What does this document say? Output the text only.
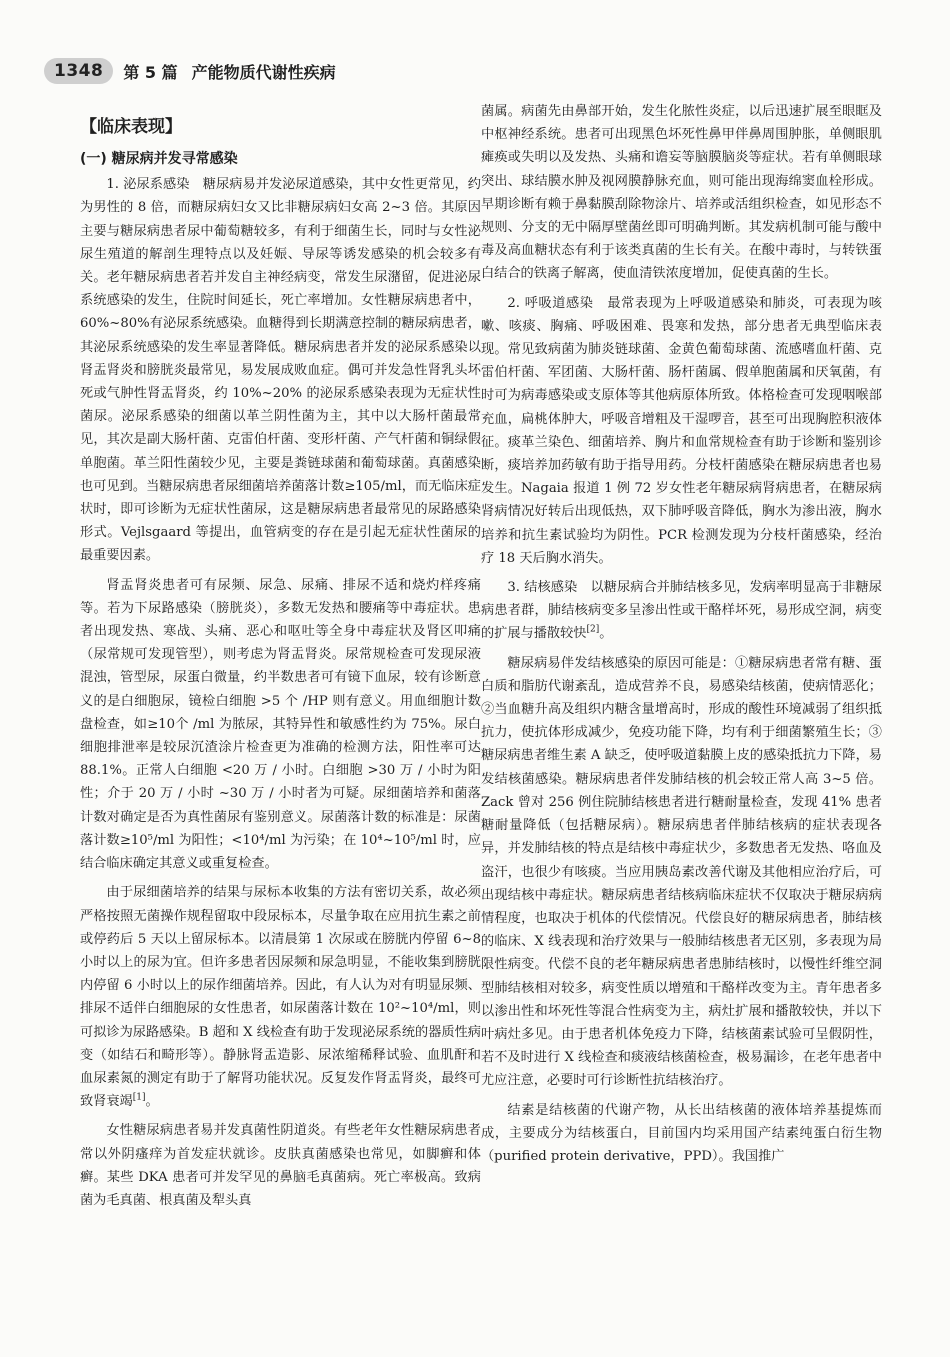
1348	第 5 篇 产能物质代谢性疾病
【临床表现】
(一) 糖尿病并发寻常感染

1. 泌尿系感染　糖尿病易并发泌尿道感染，其中女性更常见，约为男性的 8 倍，而糖尿病妇女又比非糖尿病妇女高 2~3 倍。其原因主要与糖尿病患者尿中葡萄糖较多，有利于细菌生长，同时与女性泌尿生殖道的解剖生理特点以及妊娠、导尿等诱发感染的机会较多有关。老年糖尿病患者若并发自主神经病变，常发生尿潴留，促进泌尿系统感染的发生，住院时间延长，死亡率增加。女性糖尿病患者中，60%~80%有泌尿系统感染。血糖得到长期满意控制的糖尿病患者，其泌尿系统感染的发生率显著降低。糖尿病患者并发的泌尿系感染以肾盂肾炎和膀胱炎最常见，易发展成败血症。偶可并发急性肾乳头坏死或气肿性肾盂肾炎，约 10%~20% 的泌尿系感染表现为无症状性菌尿。泌尿系感染的细菌以革兰阴性菌为主，其中以大肠杆菌最常见，其次是副大肠杆菌、克雷伯杆菌、变形杆菌、产气杆菌和铜绿假单胞菌。革兰阳性菌较少见，主要是粪链球菌和葡萄球菌。真菌感染也可见到。当糖尿病患者尿细菌培养菌落计数≥105/ml，而无临床症状时，即可诊断为无症状性菌尿，这是糖尿病患者最常见的尿路感染形式。Vejlsgaard 等提出，血管病变的存在是引起无症状性菌尿的最重要因素。

肾盂肾炎患者可有尿频、尿急、尿痛、排尿不适和烧灼样疼痛等。若为下尿路感染（膀胱炎），多数无发热和腰痛等中毒症状。患者出现发热、寒战、头痛、恶心和呕吐等全身中毒症状及肾区叩痛（尿常规可发现管型），则考虑为肾盂肾炎。尿常规检查可发现尿液混浊，管型尿，尿蛋白微量，约半数患者可有镜下血尿，较有诊断意义的是白细胞尿，镜检白细胞 >5 个 /HP 则有意义。用血细胞计数盘检查，如≥10个 /ml 为脓尿，其特异性和敏感性约为 75%。尿白细胞排泄率是较尿沉渣涂片检查更为准确的检测方法，阳性率可达 88.1%。正常人白细胞 <20 万 / 小时。白细胞 >30 万 / 小时为阳性；介于 20 万 / 小时 ~30 万 / 小时者为可疑。尿细菌培养和菌落计数对确定是否为真性菌尿有鉴别意义。尿菌落计数的标准是：尿菌落计数≥10⁵/ml 为阳性；<10⁴/ml 为污染；在 10⁴~10⁵/ml 时，应结合临床确定其意义或重复检查。

由于尿细菌培养的结果与尿标本收集的方法有密切关系，故必须严格按照无菌操作规程留取中段尿标本，尽量争取在应用抗生素之前或停药后 5 天以上留尿标本。以清晨第 1 次尿或在膀胱内停留 6~8 小时以上的尿为宜。但许多患者因尿频和尿急明显，不能收集到膀胱内停留 6 小时以上的尿作细菌培养。因此，有人认为对有明显尿频、排尿不适伴白细胞尿的女性患者，如尿菌落计数在 10²~10⁴/ml，则可拟诊为尿路感染。B 超和 X 线检查有助于发现泌尿系统的器质性病变（如结石和畸形等）。静脉肾盂造影、尿浓缩稀释试验、血肌酐和血尿素氮的测定有助于了解肾功能状况。反复发作肾盂肾炎，最终可致肾衰竭[1]。

女性糖尿病患者易并发真菌性阴道炎。有些老年女性糖尿病患者常以外阴瘙痒为首发症状就诊。皮肤真菌感染也常见，如脚癣和体癣。某些 DKA 患者可并发罕见的鼻脑毛真菌病。死亡率极高。致病菌为毛真菌、根真菌及犁头真

菌属。病菌先由鼻部开始，发生化脓性炎症，以后迅速扩展至眼眶及中枢神经系统。患者可出现黑色坏死性鼻甲伴鼻周围肿胀，单侧眼肌瘫痪或失明以及发热、头痛和谵妄等脑膜脑炎等症状。若有单侧眼球突出、球结膜水肿及视网膜静脉充血，则可能出现海绵窦血栓形成。早期诊断有赖于鼻黏膜刮除物涂片、培养或活组织检查，如见形态不规则、分支的无中隔厚壁菌丝即可明确判断。其发病机制可能与酸中毒及高血糖状态有利于该类真菌的生长有关。在酸中毒时，与转铁蛋白结合的铁离子解离，使血清铁浓度增加，促使真菌的生长。

2. 呼吸道感染　最常表现为上呼吸道感染和肺炎，可表现为咳嗽、咳痰、胸痛、呼吸困难、畏寒和发热，部分患者无典型临床表现。常见致病菌为肺炎链球菌、金黄色葡萄球菌、流感嗜血杆菌、克雷伯杆菌、军团菌、大肠杆菌、肠杆菌属、假单胞菌属和厌氧菌，有时可为病毒感染或支原体等其他病原体所致。体格检查可发现咽喉部充血，扁桃体肿大，呼吸音增粗及干湿啰音，甚至可出现胸腔积液体征。痰革兰染色、细菌培养、胸片和血常规检查有助于诊断和鉴别诊断，痰培养加药敏有助于指导用药。分枝杆菌感染在糖尿病患者也易发生。Nagaia 报道 1 例 72 岁女性老年糖尿病肾病患者，在糖尿病肾病情况好转后出现低热，双下肺呼吸音降低，胸水为渗出液，胸水培养和抗生素试验均为阴性。PCR 检测发现为分枝杆菌感染，经治疗 18 天后胸水消失。

3. 结核感染　以糖尿病合并肺结核多见，发病率明显高于非糖尿病患者群，肺结核病变多呈渗出性或干酪样坏死，易形成空洞，病变的扩展与播散较快[2]。

糖尿病易伴发结核感染的原因可能是：①糖尿病患者常有糖、蛋白质和脂肪代谢紊乱，造成营养不良，易感染结核菌，使病情恶化；②当血糖升高及组织内糖含量增高时，形成的酸性环境减弱了组织抵抗力，使抗体形成减少，免疫功能下降，均有利于细菌繁殖生长；③糖尿病患者维生素 A 缺乏，使呼吸道黏膜上皮的感染抵抗力下降，易发结核菌感染。糖尿病患者伴发肺结核的机会较正常人高 3~5 倍。Zack 曾对 256 例住院肺结核患者进行糖耐量检查，发现 41% 患者糖耐量降低（包括糖尿病）。糖尿病患者伴肺结核病的症状表现各异，并发肺结核的特点是结核中毒症状少，多数患者无发热、咯血及盗汗，也很少有咳痰。当应用胰岛素改善代谢及其他相应治疗后，可出现结核中毒症状。糖尿病患者结核病临床症状不仅取决于糖尿病病情程度，也取决于机体的代偿情况。代偿良好的糖尿病患者，肺结核的临床、X 线表现和治疗效果与一般肺结核患者无区别，多表现为局限性病变。代偿不良的老年糖尿病患者患肺结核时，以慢性纤维空洞型肺结核相对较多，病变性质以增殖和干酪样改变为主。青年患者多以渗出性和坏死性等混合性病变为主，病灶扩展和播散较快，并以下叶病灶多见。由于患者机体免疫力下降，结核菌素试验可呈假阴性，若不及时进行 X 线检查和痰液结核菌检查，极易漏诊，在老年患者中尤应注意，必要时可行诊断性抗结核治疗。

结素是结核菌的代谢产物，从长出结核菌的液体培养基提炼而成，主要成分为结核蛋白，目前国内均采用国产结素纯蛋白衍生物（purified protein derivative，PPD）。我国推广
